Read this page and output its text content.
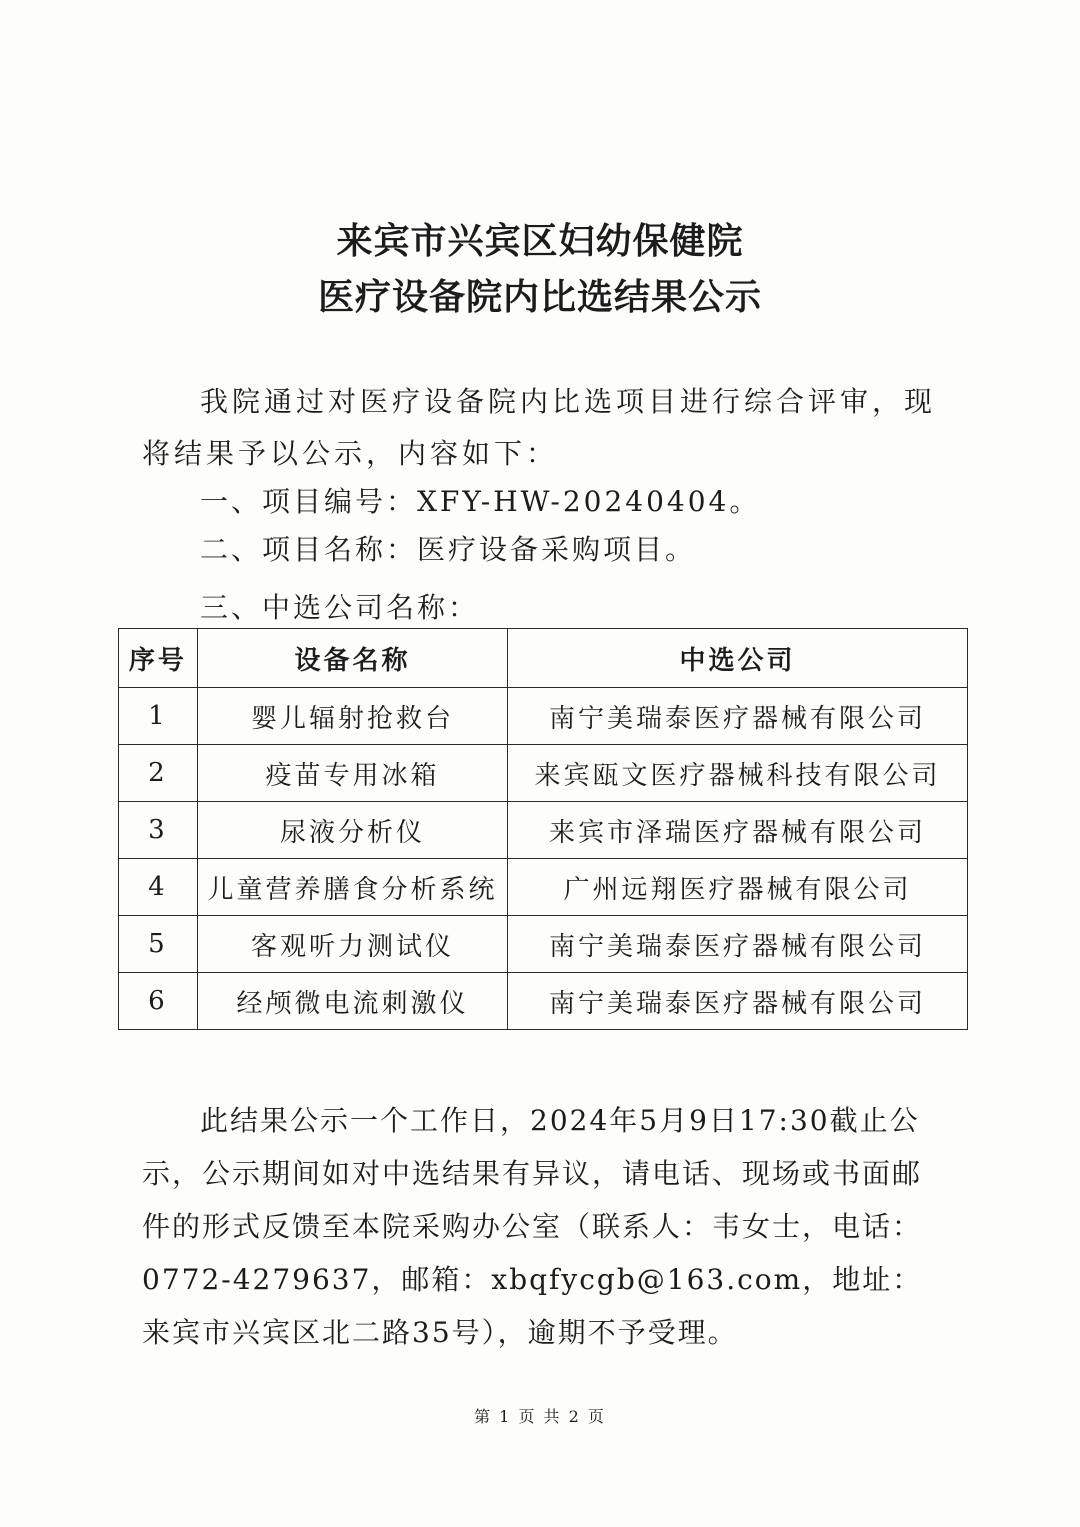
来宾市兴宾区妇幼保健院
医疗设备院内比选结果公示

我院通过对医疗设备院内比选项目进行综合评审，现将结果予以公示，内容如下：

一、项目编号：XFY-HW-20240404。

二、项目名称：医疗设备采购项目。

三、中选公司名称：

序号	设备名称	中选公司
1	婴儿辐射抢救台	南宁美瑞泰医疗器械有限公司
2	疫苗专用冰箱	来宾瓯文医疗器械科技有限公司
3	尿液分析仪	来宾市泽瑞医疗器械有限公司
4	儿童营养膳食分析系统	广州远翔医疗器械有限公司
5	客观听力测试仪	南宁美瑞泰医疗器械有限公司
6	经颅微电流刺激仪	南宁美瑞泰医疗器械有限公司

此结果公示一个工作日，2024年5月9日17:30截止公示，公示期间如对中选结果有异议，请电话、现场或书面邮件的形式反馈至本院采购办公室（联系人：韦女士，电话：0772-4279637，邮箱：xbqfycgb@163.com，地址：来宾市兴宾区北二路35号），逾期不予受理。

第 1 页 共 2 页
